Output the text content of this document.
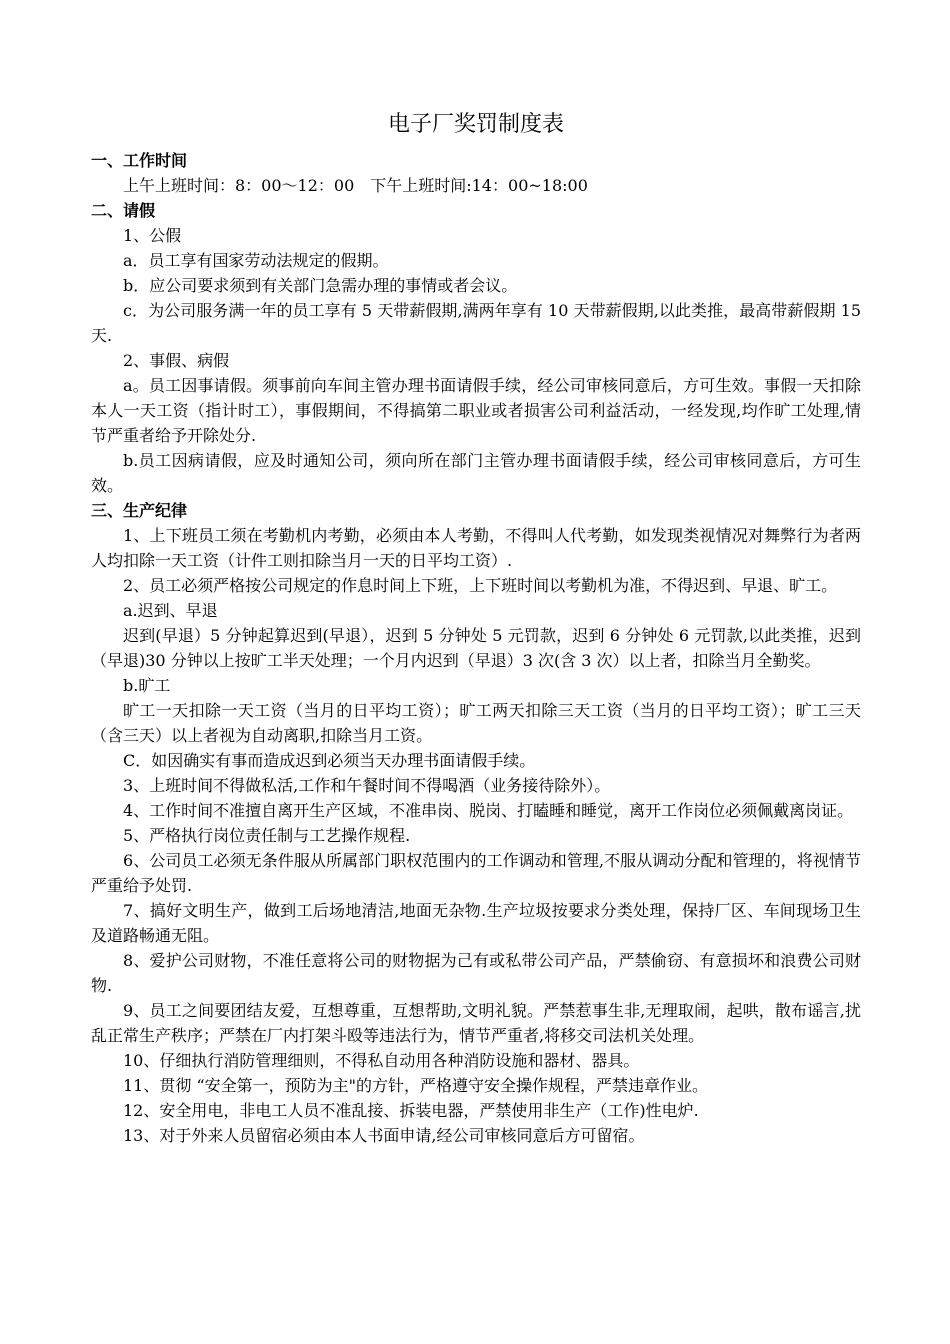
电子厂奖罚制度表
一、工作时间

上午上班时间：8：00～12：00　下午上班时间:14：00~18:00

二、请假

1、公假

a．员工享有国家劳动法规定的假期。

b．应公司要求须到有关部门急需办理的事情或者会议。

c．为公司服务满一年的员工享有 5 天带薪假期,满两年享有 10 天带薪假期,以此类推，最高带薪假期 15 天.

2、事假、病假

a。员工因事请假。须事前向车间主管办理书面请假手续，经公司审核同意后，方可生效。事假一天扣除本人一天工资（指计时工），事假期间，不得搞第二职业或者损害公司利益活动，一经发现,均作旷工处理,情节严重者给予开除处分.

b.员工因病请假，应及时通知公司，须向所在部门主管办理书面请假手续，经公司审核同意后，方可生效。

三、生产纪律

1、上下班员工须在考勤机内考勤，必须由本人考勤，不得叫人代考勤，如发现类视情况对舞弊行为者两人均扣除一天工资（计件工则扣除当月一天的日平均工资）.

2、员工必须严格按公司规定的作息时间上下班，上下班时间以考勤机为准，不得迟到、早退、旷工。

a.迟到、早退

迟到(早退）5 分钟起算迟到(早退），迟到 5 分钟处 5 元罚款，迟到 6 分钟处 6 元罚款,以此类推，迟到（早退)30 分钟以上按旷工半天处理；一个月内迟到（早退）3 次(含 3 次）以上者，扣除当月全勤奖。

b.旷工

旷工一天扣除一天工资（当月的日平均工资）；旷工两天扣除三天工资（当月的日平均工资）；旷工三天（含三天）以上者视为自动离职,扣除当月工资。

C．如因确实有事而造成迟到必须当天办理书面请假手续。

3、上班时间不得做私活,工作和午餐时间不得喝酒（业务接待除外）。

4、工作时间不准擅自离开生产区域，不准串岗、脱岗、打瞌睡和睡觉，离开工作岗位必须佩戴离岗证。

5、严格执行岗位责任制与工艺操作规程.

6、公司员工必须无条件服从所属部门职权范围内的工作调动和管理,不服从调动分配和管理的，将视情节严重给予处罚.

7、搞好文明生产，做到工后场地清洁,地面无杂物.生产垃圾按要求分类处理，保持厂区、车间现场卫生及道路畅通无阻。

8、爱护公司财物，不准任意将公司的财物据为己有或私带公司产品，严禁偷窃、有意损坏和浪费公司财物.

9、员工之间要团结友爱，互想尊重，互想帮助,文明礼貌。严禁惹事生非,无理取闹，起哄，散布谣言,扰乱正常生产秩序；严禁在厂内打架斗殴等违法行为，情节严重者,将移交司法机关处理。

10、仔细执行消防管理细则，不得私自动用各种消防设施和器材、器具。

11、贯彻 “安全第一，预防为主"的方针，严格遵守安全操作规程，严禁违章作业。

12、安全用电，非电工人员不准乱接、拆装电器，严禁使用非生产（工作)性电炉.

13、对于外来人员留宿必须由本人书面申请,经公司审核同意后方可留宿。
